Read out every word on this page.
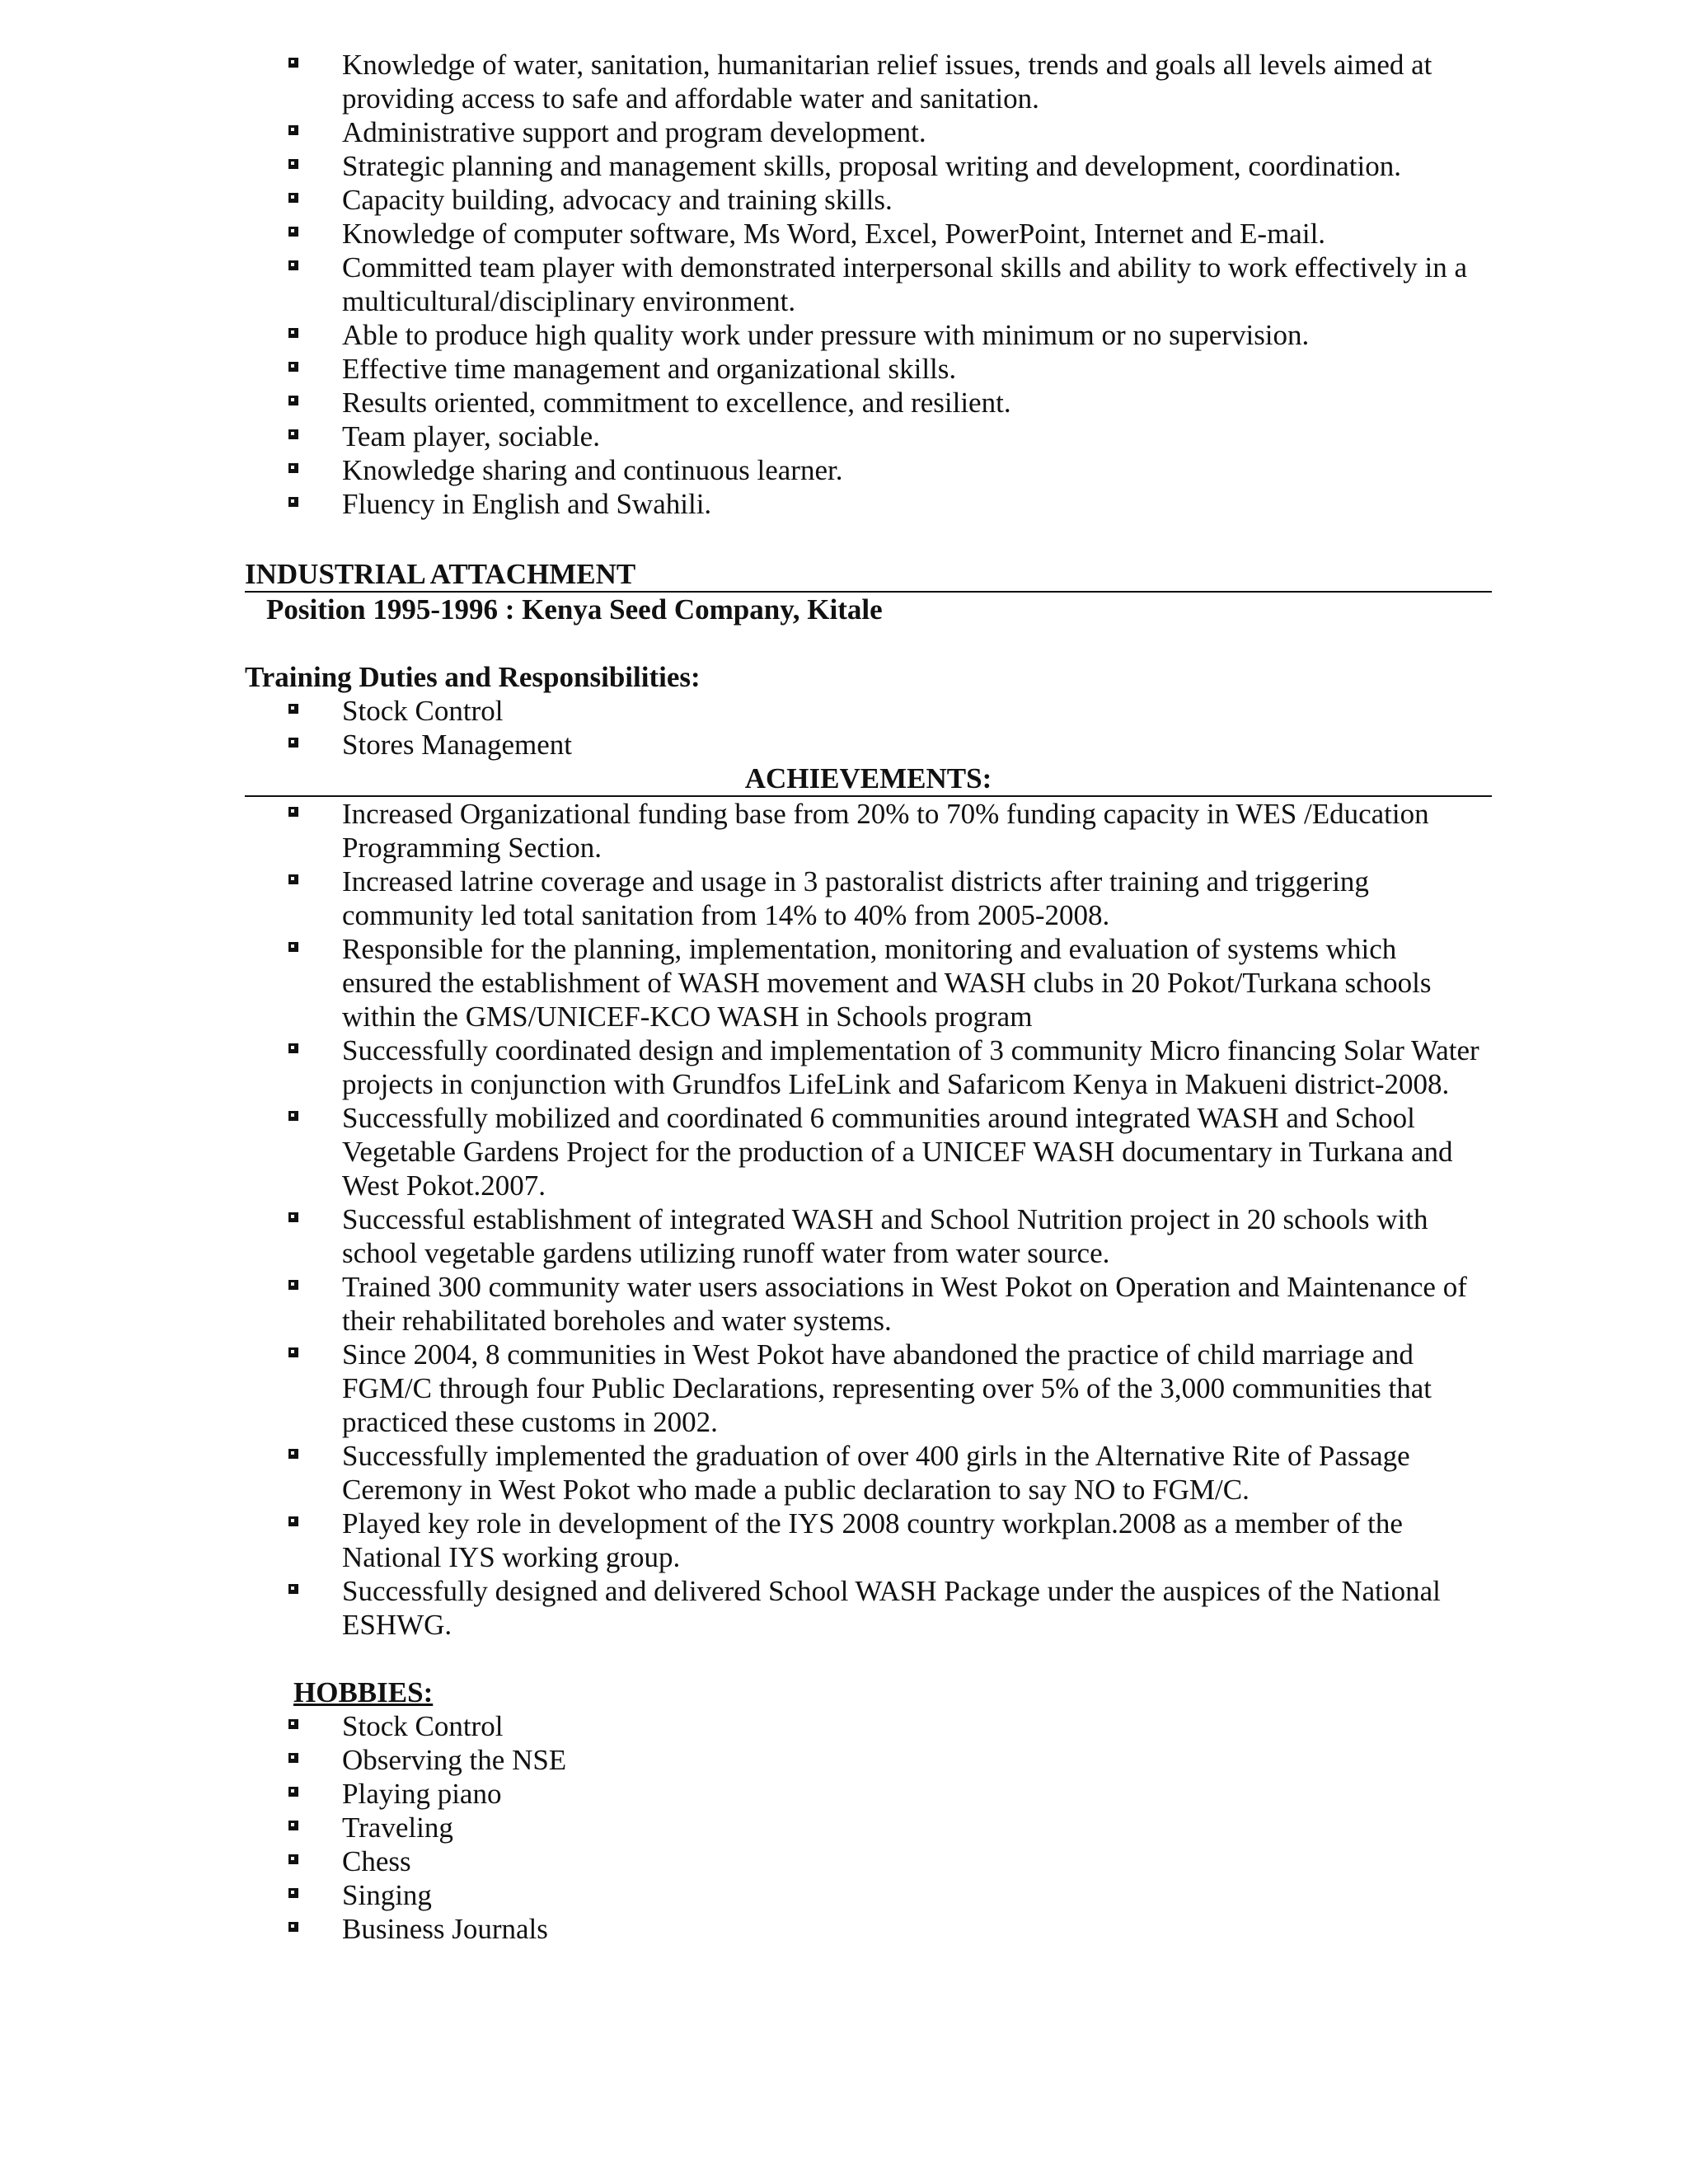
Knowledge of water, sanitation, humanitarian relief issues, trends and goals all levels aimed at providing access to safe and affordable water and sanitation.
Administrative support and program development.
Strategic planning and management skills, proposal writing and development, coordination.
Capacity building, advocacy and training skills.
Knowledge of computer software, Ms Word, Excel, PowerPoint, Internet and E-mail.
Committed team player with demonstrated interpersonal skills and ability to work effectively in a multicultural/disciplinary environment.
Able to produce high quality work under pressure with minimum or no supervision.
Effective time management and organizational skills.
Results oriented, commitment to excellence, and resilient.
Team player, sociable.
Knowledge sharing and continuous learner.
Fluency in English and Swahili.
INDUSTRIAL ATTACHMENT
Position 1995-1996 : Kenya Seed Company, Kitale
Training Duties and Responsibilities:
Stock Control
Stores Management
ACHIEVEMENTS:
Increased Organizational funding base from 20% to 70% funding capacity in WES /Education Programming Section.
Increased latrine coverage and usage in 3 pastoralist districts after training and triggering community led total sanitation from 14% to 40% from 2005-2008.
Responsible for the planning, implementation, monitoring and evaluation of systems which ensured the establishment of WASH movement and WASH clubs in 20 Pokot/Turkana schools within the GMS/UNICEF-KCO WASH in Schools program
Successfully coordinated design and implementation of 3 community Micro financing Solar Water projects in conjunction with Grundfos LifeLink and Safaricom Kenya in Makueni district-2008.
Successfully mobilized and coordinated 6 communities around integrated WASH and School Vegetable Gardens Project for the production of a UNICEF WASH documentary in Turkana and West Pokot.2007.
Successful establishment of integrated WASH and School Nutrition project in 20 schools with school vegetable gardens utilizing runoff water from water source.
Trained 300 community water users associations in West Pokot on Operation and Maintenance of their rehabilitated boreholes and water systems.
Since 2004, 8 communities in West Pokot have abandoned the practice of child marriage and FGM/C through four Public Declarations, representing over 5% of the 3,000 communities that practiced these customs in 2002.
Successfully implemented the graduation of over 400 girls in the Alternative Rite of Passage Ceremony in West Pokot who made a public declaration to say NO to FGM/C.
Played key role in development of the IYS 2008 country workplan.2008 as a member of the National IYS working group.
Successfully designed and delivered School WASH Package under the auspices of the National ESHWG.
HOBBIES:
Stock Control
Observing the NSE
Playing piano
Traveling
Chess
Singing
Business Journals
